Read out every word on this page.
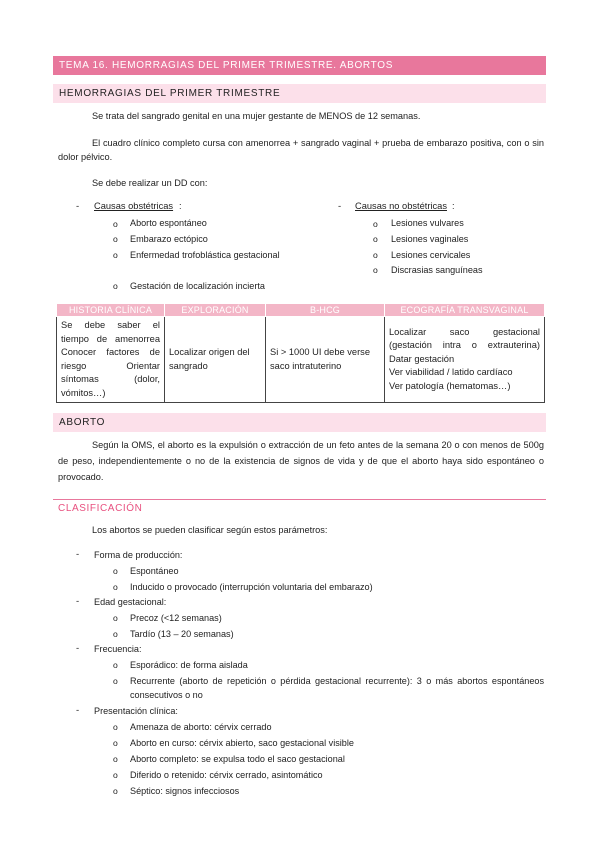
TEMA 16. HEMORRAGIAS DEL PRIMER TRIMESTRE. ABORTOS
HEMORRAGIAS DEL PRIMER TRIMESTRE
Se trata del sangrado genital en una mujer gestante de MENOS de 12 semanas.
El cuadro clínico completo cursa con amenorrea + sangrado vaginal + prueba de embarazo positiva, con o sin dolor pélvico.
Se debe realizar un DD con:
- Causas obstétricas :
o Aborto espontáneo
o Embarazo ectópico
o Enfermedad trofoblástica gestacional
o Gestación de localización incierta
- Causas no obstétricas :
o Lesiones vulvares
o Lesiones vaginales
o Lesiones cervicales
o Discrasias sanguíneas
HISTORIA CLÍNICA	EXPLORACIÓN	B-HCG	ECOGRAFÍA TRANSVAGINAL
Se debe saber el tiempo de amenorrea Conocer factores de riesgo Orientar síntomas (dolor, vómitos…)	Localizar origen del sangrado	Si > 1000 UI debe verse saco intratuterino	Localizar saco gestacional (gestación intra o extrauterina)
Datar gestación
Ver viabilidad / latido cardíaco
Ver patología (hematomas…)
ABORTO
Según la OMS, el aborto es la expulsión o extracción de un feto antes de la semana 20 o con menos de 500g de peso, independientemente o no de la existencia de signos de vida y de que el aborto haya sido espontáneo o provocado.
CLASIFICACIÓN
Los abortos se pueden clasificar según estos parámetros:
- Forma de producción:
o Espontáneo
o Inducido o provocado (interrupción voluntaria del embarazo)
- Edad gestacional:
o Precoz (<12 semanas)
o Tardío (13 – 20 semanas)
- Frecuencia:
o Esporádico: de forma aislada
o Recurrente (aborto de repetición o pérdida gestacional recurrente): 3 o más abortos espontáneos consecutivos o no
- Presentación clínica:
o Amenaza de aborto: cérvix cerrado
o Aborto en curso: cérvix abierto, saco gestacional visible
o Aborto completo: se expulsa todo el saco gestacional
o Diferido o retenido: cérvix cerrado, asintomático
o Séptico: signos infecciosos
